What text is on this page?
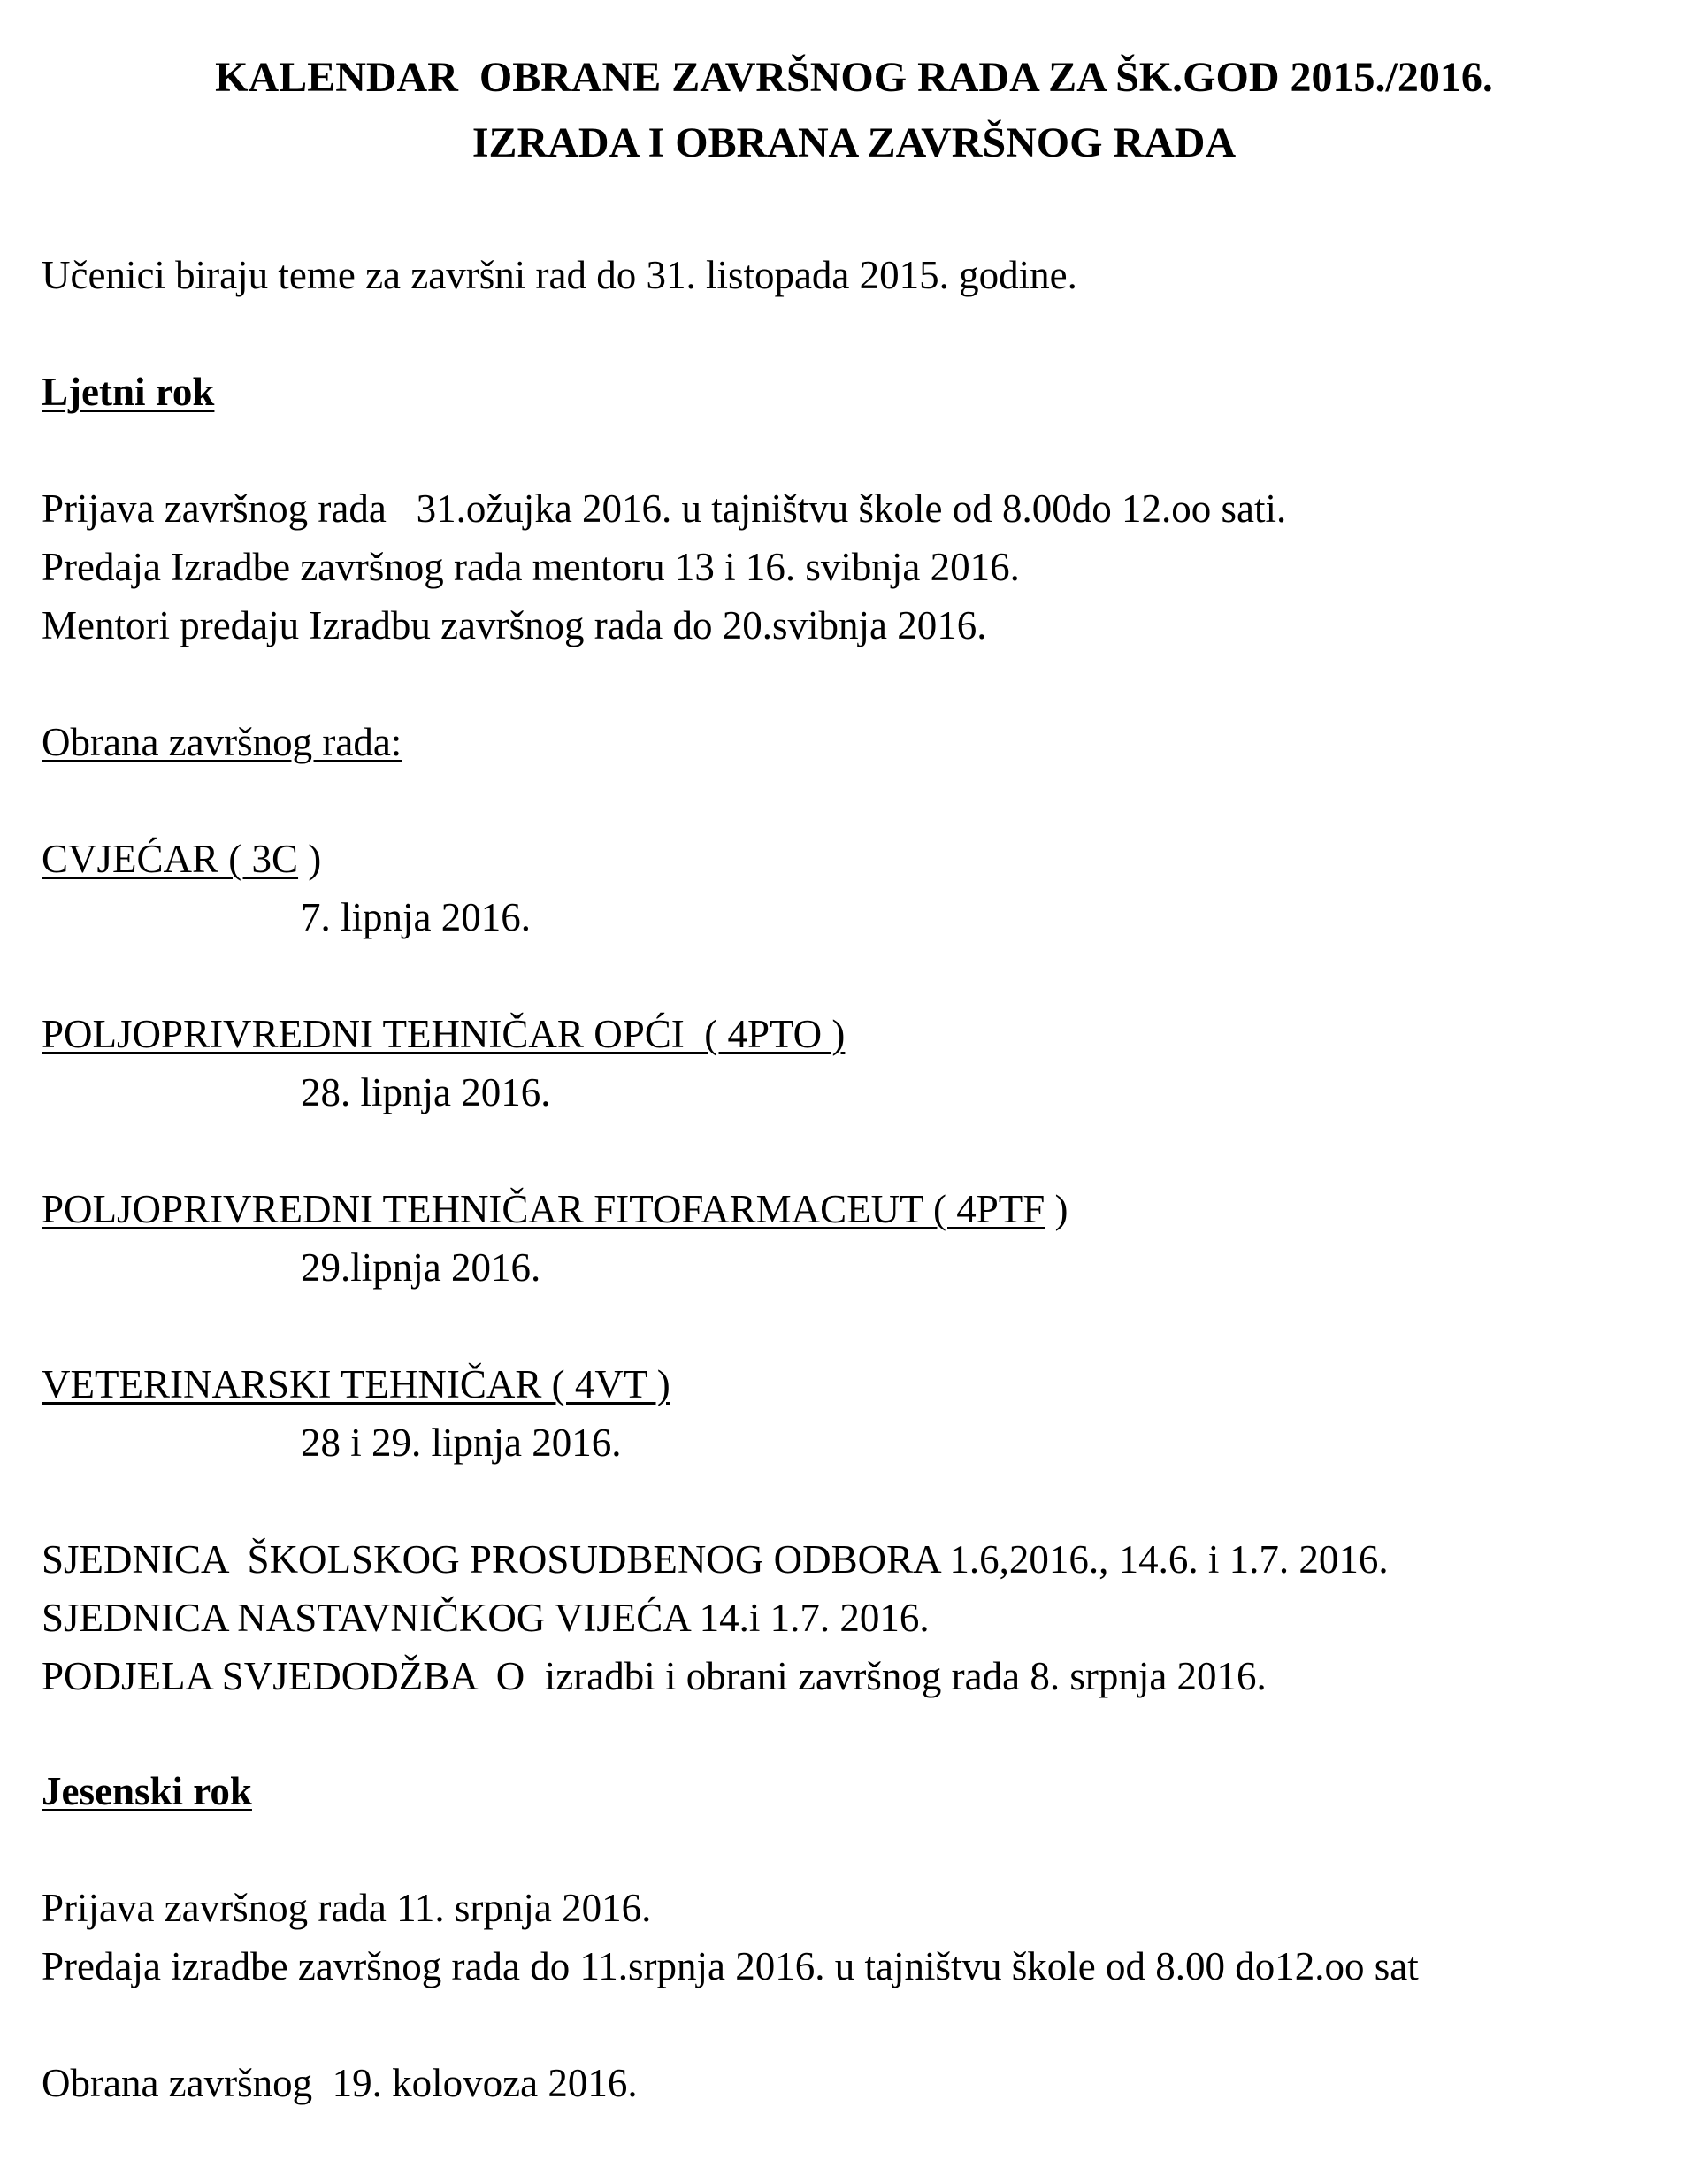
KALENDAR  OBRANE ZAVRŠNOG RADA ZA ŠK.GOD 2015./2016.
IZRADA I OBRANA ZAVRŠNOG RADA
Učenici biraju teme za završni rad do 31. listopada 2015. godine.
Ljetni rok
Prijava završnog rada   31.ožujka 2016. u tajništvu škole od 8.00do 12.oo sati.
Predaja Izradbe završnog rada mentoru 13 i 16. svibnja 2016.
Mentori predaju Izradbu završnog rada do 20.svibnja 2016.
Obrana završnog rada:
CVJEĆAR ( 3C )
7. lipnja 2016.
POLJOPRIVREDNI TEHNIČAR OPĆI  ( 4PTO )
28. lipnja 2016.
POLJOPRIVREDNI TEHNIČAR FITOFARMACEUT ( 4PTF )
29.lipnja 2016.
VETERINARSKI TEHNIČAR ( 4VT )
28 i 29. lipnja 2016.
SJEDNICA  ŠKOLSKOG PROSUDBENOG ODBORA 1.6,2016., 14.6. i 1.7. 2016.
SJEDNICA NASTAVNIČKOG VIJEĆA 14.i 1.7. 2016.
PODJELA SVJEDODŽBA  O  izradbi i obrani završnog rada 8. srpnja 2016.
Jesenski rok
Prijava završnog rada 11. srpnja 2016.
Predaja izradbe završnog rada do 11.srpnja 2016. u tajništvu škole od 8.00 do12.oo sat
Obrana završnog  19. kolovoza 2016.
